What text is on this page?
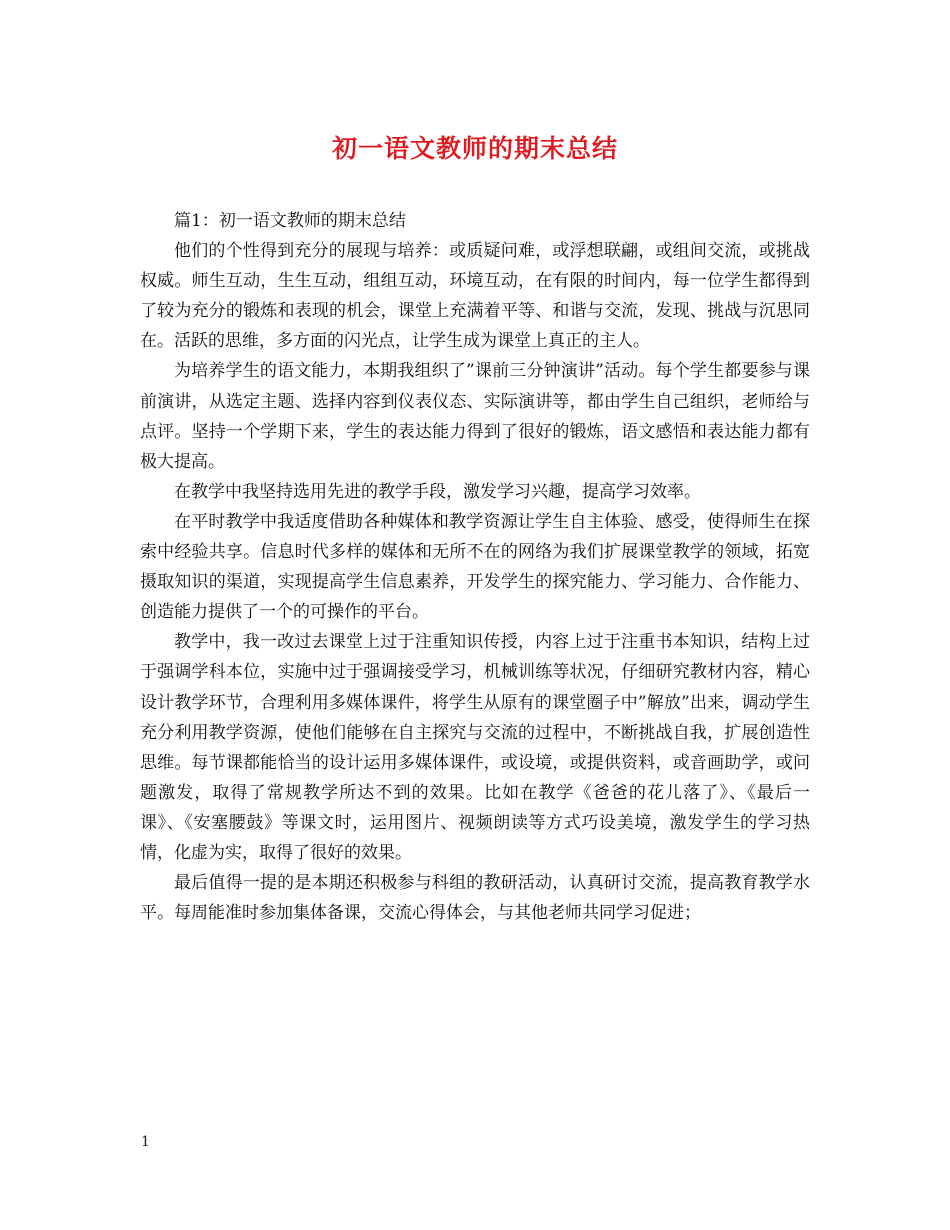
初一语文教师的期末总结

篇1：初一语文教师的期末总结

他们的个性得到充分的展现与培养：或质疑问难，或浮想联翩，或组间交流，或挑战权威。师生互动，生生互动，组组互动，环境互动，在有限的时间内，每一位学生都得到了较为充分的锻炼和表现的机会，课堂上充满着平等、和谐与交流，发现、挑战与沉思同在。活跃的思维，多方面的闪光点，让学生成为课堂上真正的主人。

为培养学生的语文能力，本期我组织了”课前三分钟演讲”活动。每个学生都要参与课前演讲，从选定主题、选择内容到仪表仪态、实际演讲等，都由学生自己组织，老师给与点评。坚持一个学期下来，学生的表达能力得到了很好的锻炼，语文感悟和表达能力都有极大提高。

在教学中我坚持选用先进的教学手段，激发学习兴趣，提高学习效率。

在平时教学中我适度借助各种媒体和教学资源让学生自主体验、感受，使得师生在探索中经验共享。信息时代多样的媒体和无所不在的网络为我们扩展课堂教学的领域，拓宽摄取知识的渠道，实现提高学生信息素养，开发学生的探究能力、学习能力、合作能力、创造能力提供了一个的可操作的平台。

教学中，我一改过去课堂上过于注重知识传授，内容上过于注重书本知识，结构上过于强调学科本位，实施中过于强调接受学习，机械训练等状况，仔细研究教材内容，精心设计教学环节，合理利用多媒体课件，将学生从原有的课堂圈子中”解放”出来，调动学生充分利用教学资源，使他们能够在自主探究与交流的过程中，不断挑战自我，扩展创造性思维。每节课都能恰当的设计运用多媒体课件，或设境，或提供资料，或音画助学，或问题激发，取得了常规教学所达不到的效果。比如在教学《爸爸的花儿落了》、《最后一课》、《安塞腰鼓》等课文时，运用图片、视频朗读等方式巧设美境，激发学生的学习热情，化虚为实，取得了很好的效果。

最后值得一提的是本期还积极参与科组的教研活动，认真研讨交流，提高教育教学水平。每周能准时参加集体备课，交流心得体会，与其他老师共同学习促进；

1
